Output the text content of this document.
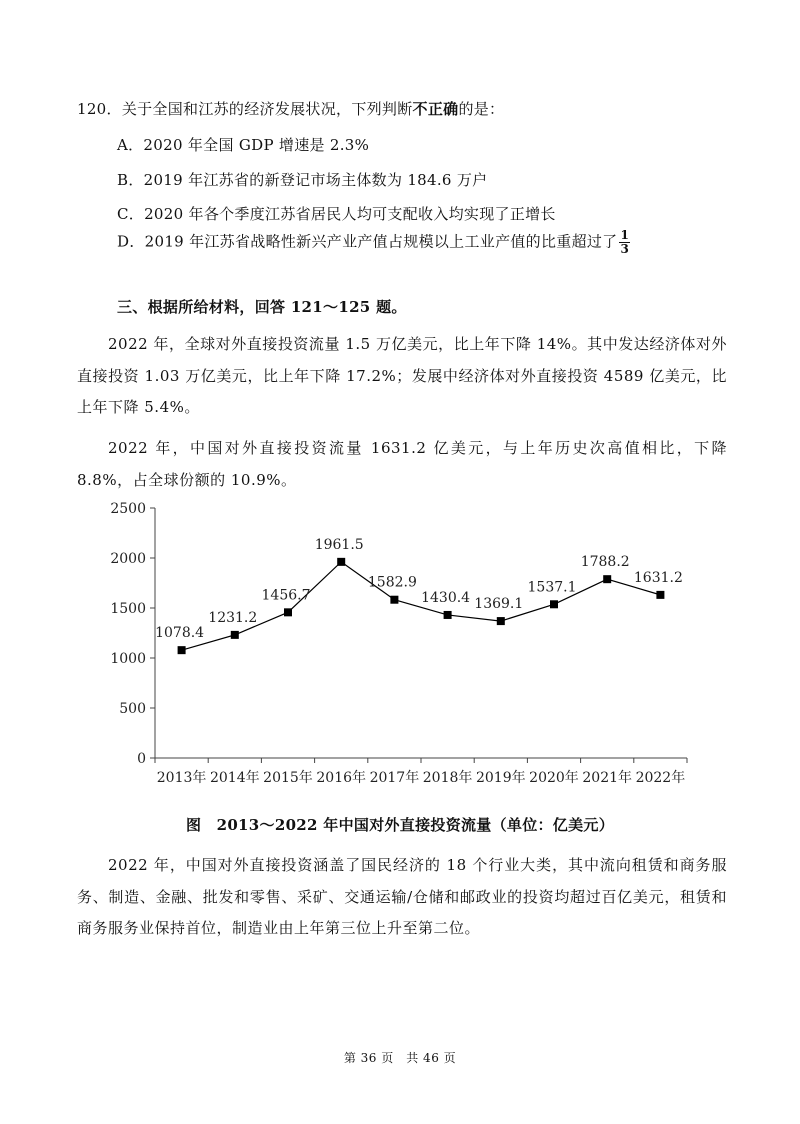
120．关于全国和江苏的经济发展状况，下列判断不正确的是：
A．2020 年全国 GDP 增速是 2.3%
B．2019 年江苏省的新登记市场主体数为 184.6 万户
C．2020 年各个季度江苏省居民人均可支配收入均实现了正增长
D．2019 年江苏省战略性新兴产业产值占规模以上工业产值的比重超过了 $\frac{1}{3}$
三、根据所给材料，回答 121～125 题。
2022 年，全球对外直接投资流量 1.5 万亿美元，比上年下降 14%。其中发达经济体对外直接投资 1.03 万亿美元，比上年下降 17.2%；发展中经济体对外直接投资 4589 亿美元，比上年下降 5.4%。
2022 年，中国对外直接投资流量 1631.2 亿美元，与上年历史次高值相比，下降 8.8%，占全球份额的 10.9%。
0
500
1000
1500
2000
2500
2013年 2014年 2015年 2016年 2017年 2018年 2019年 2020年 2021年 2022年
1078.4
1231.2
1456.7
1961.5
1582.9
1430.4 1369.1
1537.1
1788.2
1631.2
图　2013～2022 年中国对外直接投资流量（单位：亿美元）
2022 年，中国对外直接投资涵盖了国民经济的 18 个行业大类，其中流向租赁和商务服务、制造、金融、批发和零售、采矿、交通运输/仓储和邮政业的投资均超过百亿美元，租赁和商务服务业保持首位，制造业由上年第三位上升至第二位。
第 36 页　共 46 页
